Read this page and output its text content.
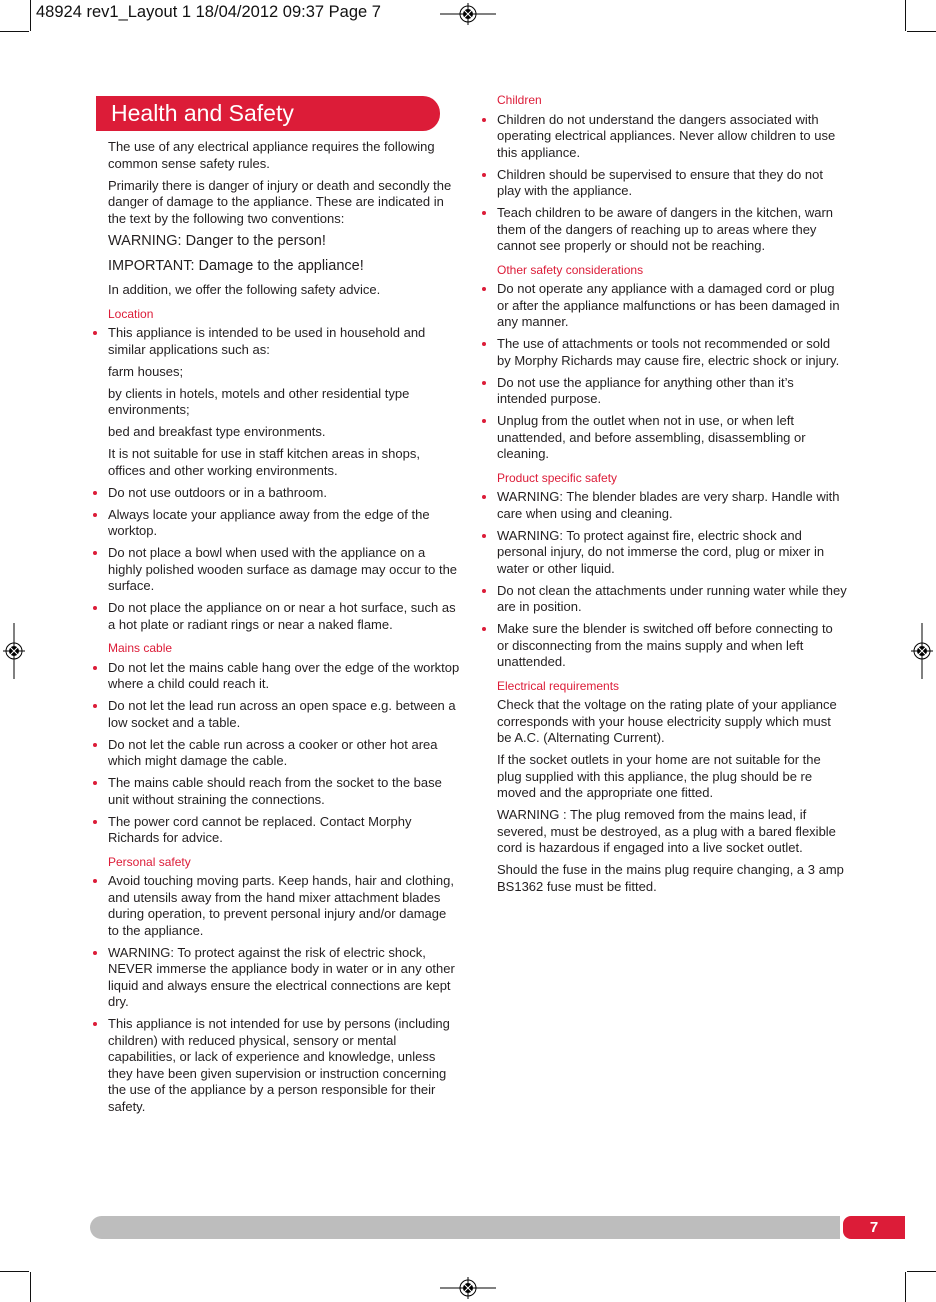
48924 rev1_Layout 1 18/04/2012 09:37 Page 7
Health and Safety
The use of any electrical appliance requires the following common sense safety rules.
Primarily there is danger of injury or death and secondly the danger of damage to the appliance. These are indicated in the text by the following two conventions:
WARNING: Danger to the person!
IMPORTANT: Damage to the appliance!
In addition, we offer the following safety advice.
Location
This appliance is intended to be used in household and similar applications such as:
farm houses;
by clients in hotels, motels and other residential type environments;
bed and breakfast type environments.
It is not suitable for use in staff kitchen areas in shops, offices and other working environments.
Do not use outdoors or in a bathroom.
Always locate your appliance away from the edge of the worktop.
Do not place a bowl when used with the appliance on a highly polished wooden surface as damage may occur to the surface.
Do not place the appliance on or near a hot surface, such as a hot plate or radiant rings or near a naked flame.
Mains cable
Do not let the mains cable hang over the edge of the worktop where a child could reach it.
Do not let the lead run across an open space e.g. between a low socket and a table.
Do not let the cable run across a cooker or other hot area which might damage the cable.
The mains cable should reach from the socket to the base unit without straining the connections.
The power cord cannot be replaced. Contact Morphy Richards for advice.
Personal safety
Avoid touching moving parts. Keep hands, hair and clothing, and utensils away from the hand mixer attachment blades during operation, to prevent personal injury and/or damage to the appliance.
WARNING: To protect against the risk of electric shock, NEVER immerse the appliance body in water or in any other liquid and always ensure the electrical connections are kept dry.
This appliance is not intended for use by persons (including children) with reduced physical, sensory or mental capabilities, or lack of experience and knowledge, unless they have been given supervision or instruction concerning the use of the appliance by a person responsible for their safety.
Children
Children do not understand the dangers associated with operating electrical appliances. Never allow children to use this appliance.
Children should be supervised to ensure that they do not play with the appliance.
Teach children to be aware of dangers in the kitchen, warn them of the dangers of reaching up to areas where they cannot see properly or should not be reaching.
Other safety considerations
Do not operate any appliance with a damaged cord or plug or after the appliance malfunctions or has been damaged in any manner.
The use of attachments or tools not recommended or sold by Morphy Richards may cause fire, electric shock or injury.
Do not use the appliance for anything other than it’s intended purpose.
Unplug from the outlet when not in use, or when left unattended, and before assembling, disassembling or cleaning.
Product specific safety
WARNING: The blender blades are very sharp. Handle with care when using and cleaning.
WARNING: To protect against fire, electric shock and personal injury, do not immerse the cord, plug or mixer in water or other liquid.
Do not clean the attachments under running water while they are in position.
Make sure the blender is switched off before connecting to or disconnecting from the mains supply and when left unattended.
Electrical requirements
Check that the voltage on the rating plate of your appliance corresponds with your house electricity supply which must be A.C. (Alternating Current).
If the socket outlets in your home are not suitable for the plug supplied with this appliance, the plug should be re moved and the appropriate one fitted.
WARNING : The plug removed from the mains lead, if severed, must be destroyed, as a plug with a bared flexible cord is hazardous if engaged into a live socket outlet.
Should the fuse in the mains plug require changing, a 3 amp BS1362 fuse must be fitted.
7
